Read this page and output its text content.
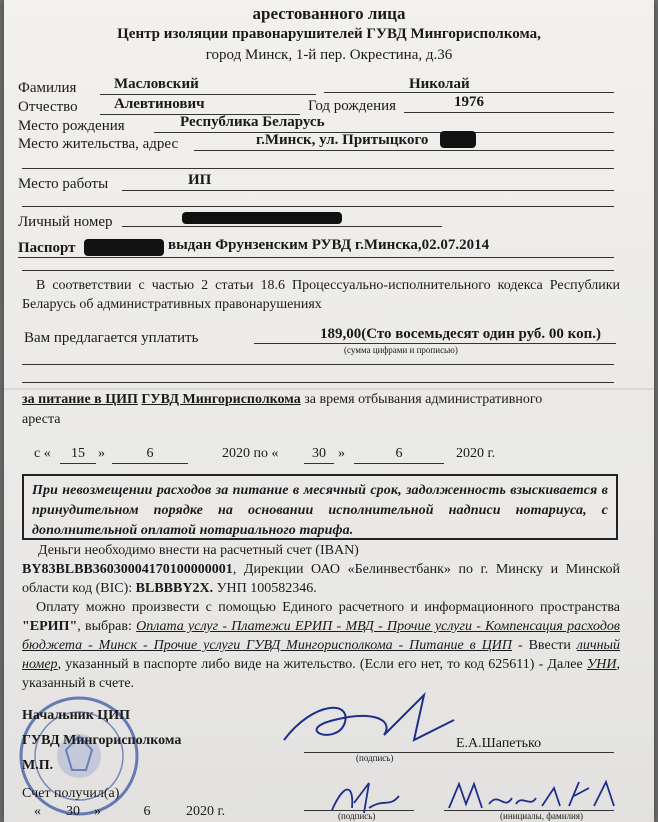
арестованного лица
Центр изоляции правонарушителей ГУВД Мингорисполкома,
город Минск, 1-й пер. Окрестина, д.36
Фамилия	Масловский	Николай
Отчество Алевтинович	Год рождения	1976
Место рождения	Республика Беларусь
Место жительства, адрес	г.Минск, ул. Притыцкого
Место работы	ИП
Личный номер
Паспорт	выдан Фрунзенским РУВД г.Минска,02.07.2014

В соответствии с частью 2 статьи 18.6 Процессуально-исполнительного кодекса Республики Беларусь об административных правонарушениях

Вам предлагается уплатить	189,00(Сто восемьдесят один руб. 00 коп.)
(сумма цифрами и прописью)
за питание в ЦИП ГУВД Мингорисполкома за время отбывания административного
ареста
с «	15 »	6	2020 по «	30 »	6	2020 г.

При невозмещении расходов за питание в месячный срок, задолженность взыскивается в принудительном порядке на основании исполнительной надписи нотариуса, с дополнительной оплатой нотариального тарифа.

Деньги необходимо внести на расчетный счет (IBAN)

BY83BLBB36030004170100000001, Дирекции ОАО «Белинвестбанк» по г. Минску и Минской области код (BIC): BLBBBY2X. УНП 100582346.

Оплату можно произвести с помощью Единого расчетного и информационного пространства "ЕРИП", выбрав: Оплата услуг - Платежи ЕРИП - МВД - Прочие услуги - Компенсация расходов бюджета - Минск - Прочие услуги ГУВД Мингорисполкома - Питание в ЦИП - Ввести личный номер, указанный в паспорте либо виде на жительство. (Если его нет, то код 625611) - Далее УНИ, указанный в счете.

Начальник ЦИП
ГУВД Мингорисполкома
М.П.	(подпись)
Е.А.Шапетько
Счет получил(а)
«	30	»	6	2020 г.	(подпись)	(инициалы, фамилия)
